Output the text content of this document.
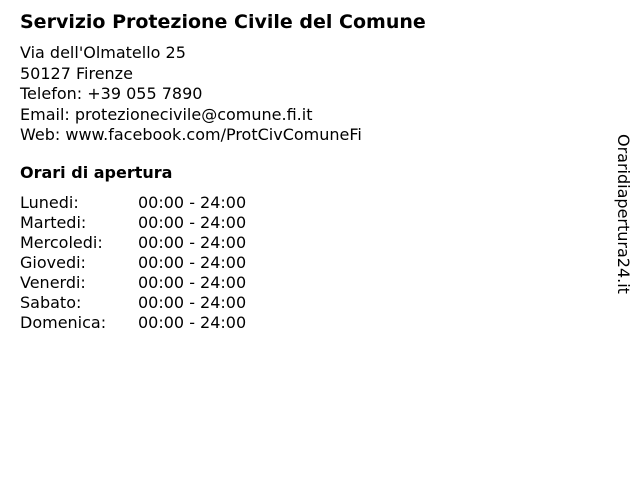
Servizio Protezione Civile del Comune
Via dell'Olmatello 25
50127 Firenze
Telefon: +39 055 7890
Email: protezionecivile@comune.fi.it
Web: www.facebook.com/ProtCivComuneFi
Orari di apertura
Lunedi:	00:00 - 24:00
Martedi:	00:00 - 24:00
Mercoledi:	00:00 - 24:00
Giovedi:	00:00 - 24:00
Venerdi:	00:00 - 24:00
Sabato:	00:00 - 24:00
Domenica:	00:00 - 24:00
Oraridiapertura24.it
